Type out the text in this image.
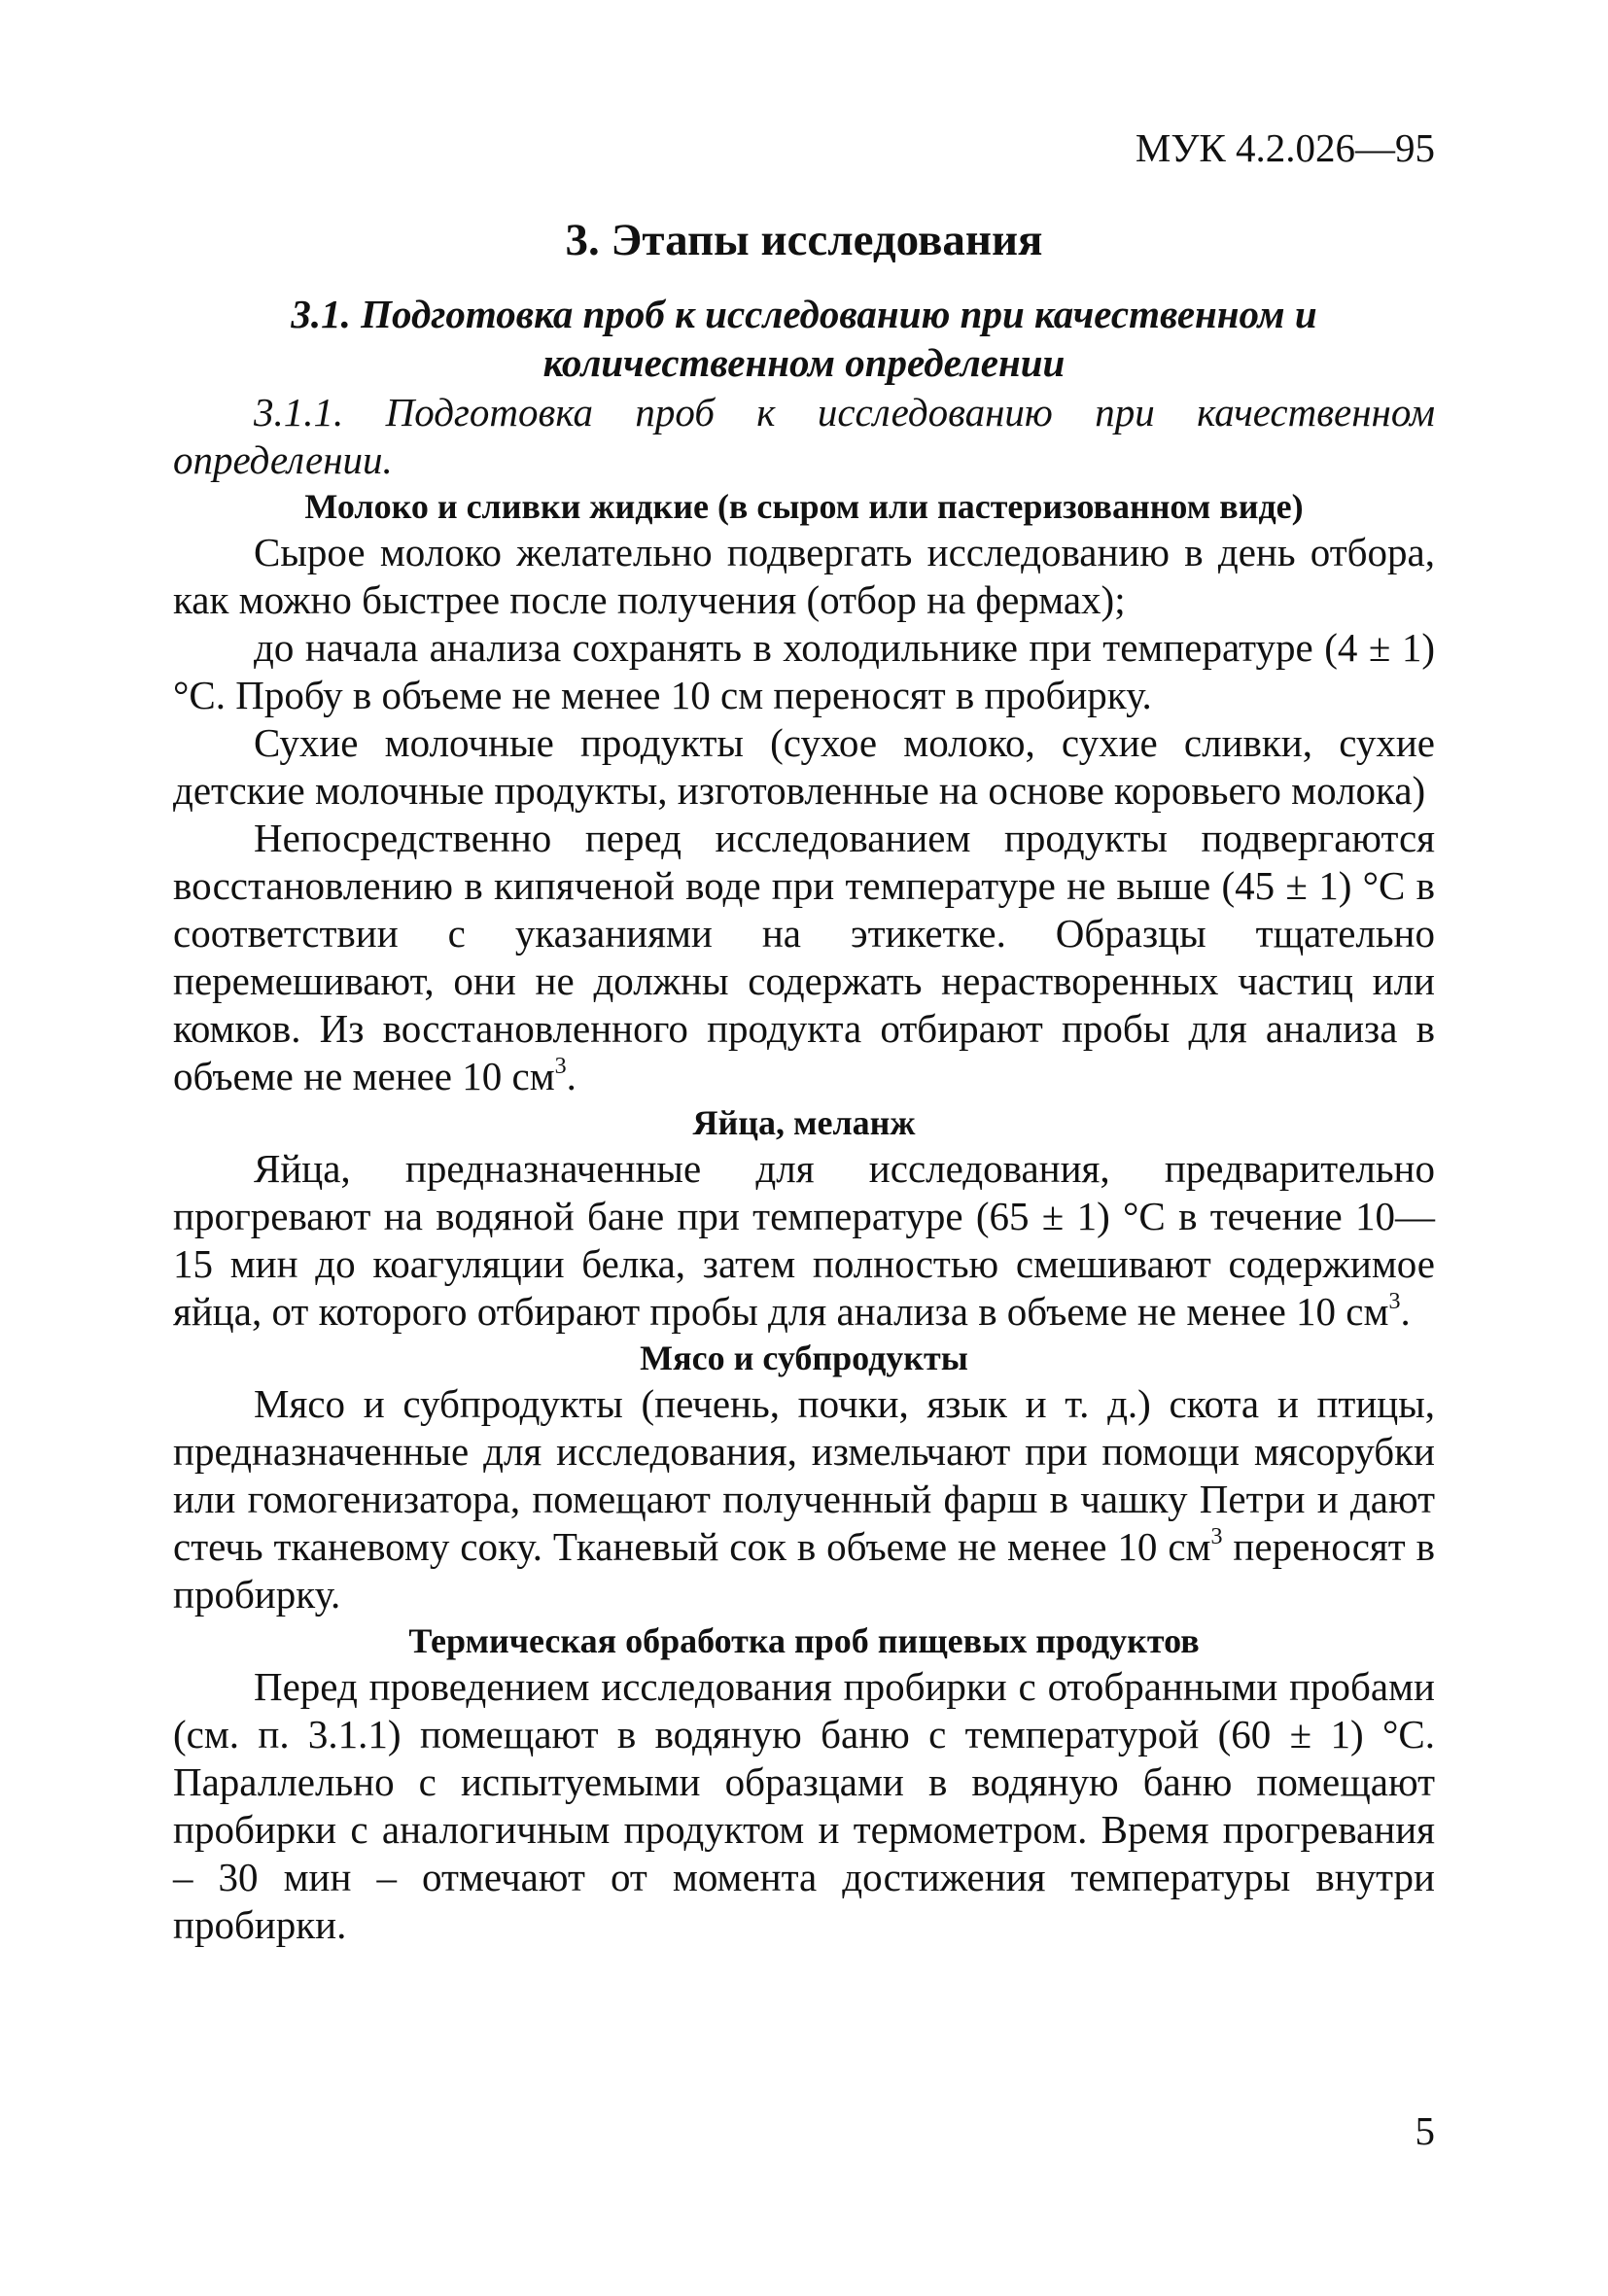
МУК 4.2.026—95
3. Этапы исследования
3.1. Подготовка проб к исследованию при качественном и
количественном определении

3.1.1. Подготовка проб к исследованию при качественном определении.

Молоко и сливки жидкие (в сыром или пастеризованном виде)

Сырое молоко желательно подвергать исследованию в день отбора, как можно быстрее после получения (отбор на фермах);

до начала анализа сохранять в холодильнике при температуре (4 ± 1) °С. Пробу в объеме не менее 10 см переносят в пробирку.

Сухие молочные продукты (сухое молоко, сухие сливки, сухие детские молочные продукты, изготовленные на основе коровьего молока)

Непосредственно перед исследованием продукты подвергаются восстановлению в кипяченой воде при температуре не выше (45 ± 1) °С в соответствии с указаниями на этикетке. Образцы тщательно перемешивают, они не должны содержать нерастворенных частиц или комков. Из восстановленного продукта отбирают пробы для анализа в объеме не менее 10 $см^3$.

Яйца, меланж

Яйца, предназначенные для исследования, предварительно прогревают на водяной бане при температуре (65 ± 1) °С в течение 10—15 мин до коагуляции белка, затем полностью смешивают содержимое яйца, от которого отбирают пробы для анализа в объеме не менее 10 $см^3$.

Мясо и субпродукты

Мясо и субпродукты (печень, почки, язык и т. д.) скота и птицы, предназначенные для исследования, измельчают при помощи мясорубки или гомогенизатора, помещают полученный фарш в чашку Петри и дают стечь тканевому соку. Тканевый сок в объеме не менее 10 $см^3$ переносят в пробирку.

Термическая обработка проб пищевых продуктов

Перед проведением исследования пробирки с отобранными пробами (см. п. 3.1.1) помещают в водяную баню с температурой (60 ± 1) °С. Параллельно с испытуемыми образцами в водяную баню помещают пробирки с аналогичным продуктом и термометром. Время прогревания – 30 мин – отмечают от момента достижения температуры внутри пробирки.

5
